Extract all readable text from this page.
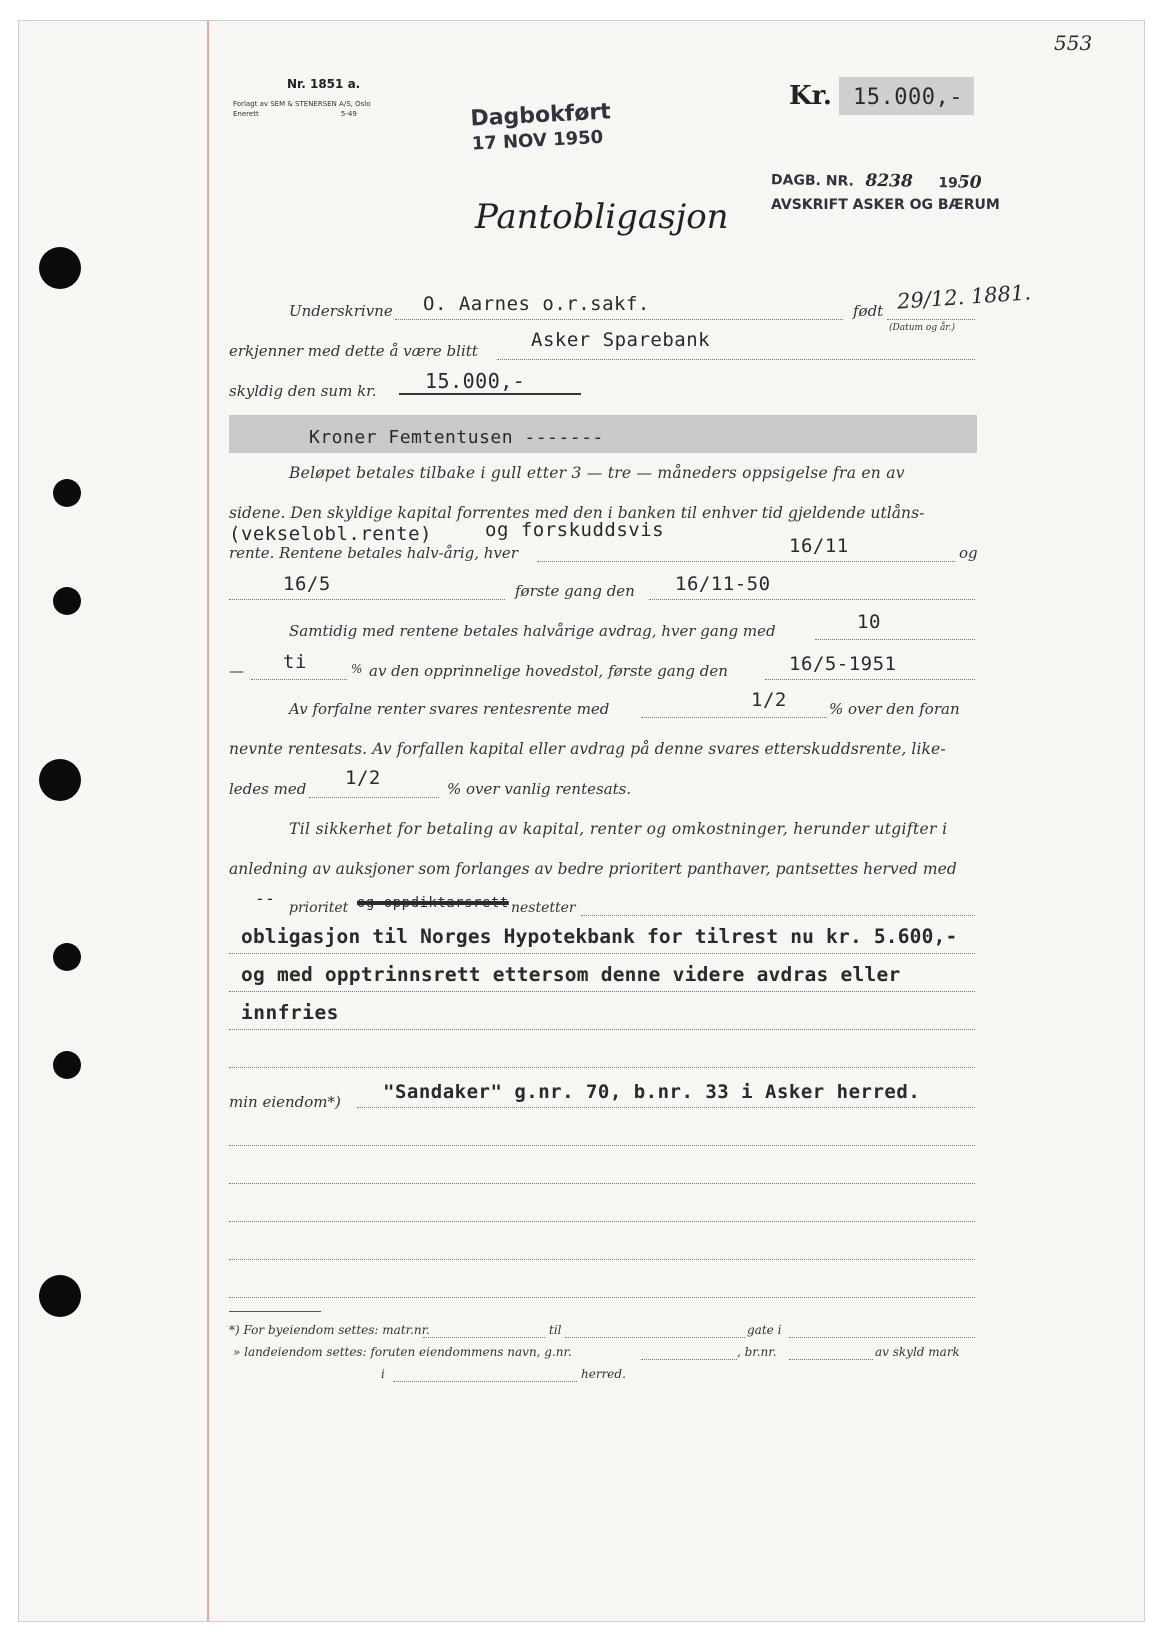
553
Nr. 1851 a.
Forlagt av SEM & STENERSEN A/S, Oslo
Enerett	5-49	Dagbokført
17 NOV 1950
Kr. 15.000,-
DAGB. NR. 8238 1950
AVSKRIFT ASKER OG BÆRUM
Pantobligasjon
Underskrivne O. Aarnes o.r.sakf.	født 29/12. 1881.
(Datum og år.)
erkjenner med dette å være blitt	Asker Sparebank
skyldig den sum kr. 15.000,-
Kroner Femtentusen -------
Beløpet betales tilbake i gull etter 3 — tre — måneders oppsigelse fra en av
sidene. Den skyldige kapital forrentes med den i banken til enhver tid gjeldende utlåns-
(vekselobl.rente)	og forskuddsvis
rente. Rentene betales halv-årig, hver	16/11	og
16/5	første gang den 16/11-50
Samtidig med rentene betales halvårige avdrag, hver gang med	10
— ti	% av den opprinnelige hovedstol, første gang den	16/5-1951
Av forfalne renter svares rentesrente med	1/2	% over den foran
nevnte rentesats. Av forfallen kapital eller avdrag på denne svares etterskuddsrente, like-
ledes med 1/2	% over vanlig rentesats.
Til sikkerhet for betaling av kapital, renter og omkostninger, herunder utgifter i
anledning av auksjoner som forlanges av bedre prioritert panthaver, pantsettes herved med
-- prioritet og oppdiktarsrett nestetter
obligasjon til Norges Hypotekbank for tilrest nu kr. 5.600,-
og med opptrinnsrett ettersom denne videre avdras eller
innfries
min eiendom*) "Sandaker" g.nr. 70, b.nr. 33 i Asker herred.
*) For byeiendom settes: matr.nr.	til	gate i
» landeiendom settes: foruten eiendommens navn, g.nr.	, br.nr.	av skyld mark
i	herred.
